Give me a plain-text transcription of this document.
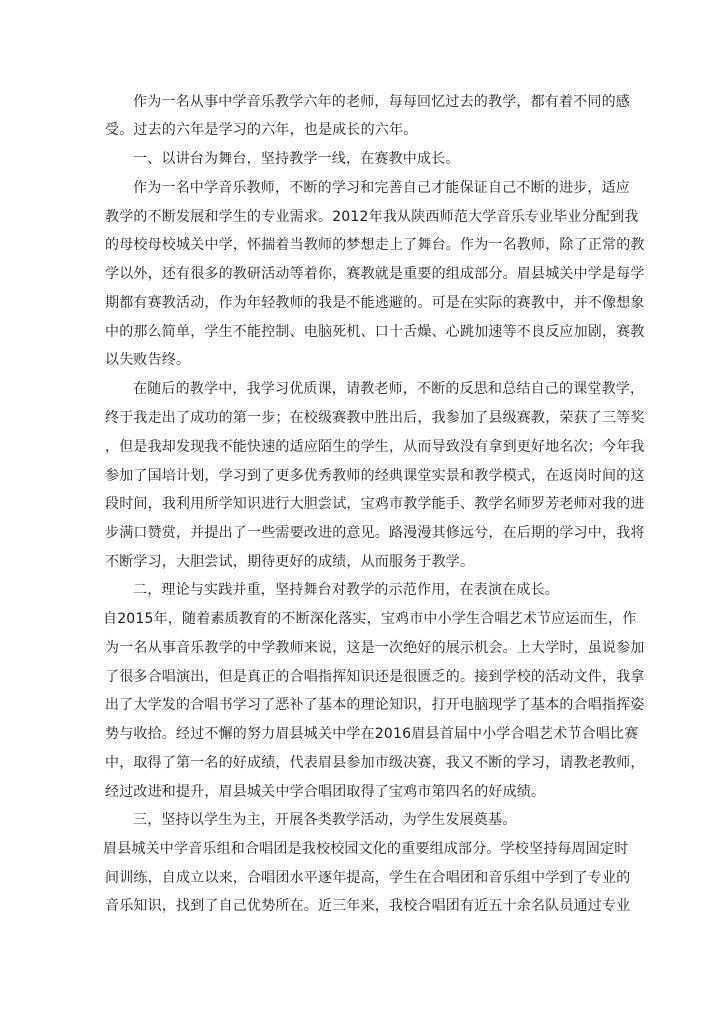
作为一名从事中学音乐教学六年的老师，每每回忆过去的教学，都有着不同的感
受。过去的六年是学习的六年，也是成长的六年。
一、以讲台为舞台，坚持教学一线，在赛教中成长。
作为一名中学音乐教师，不断的学习和完善自己才能保证自己不断的进步，适应
教学的不断发展和学生的专业需求。2012年我从陕西师范大学音乐专业毕业分配到我
的母校母校城关中学，怀揣着当教师的梦想走上了舞台。作为一名教师，除了正常的教
学以外，还有很多的教研活动等着你，赛教就是重要的组成部分。眉县城关中学是每学
期都有赛教活动，作为年轻教师的我是不能逃避的。可是在实际的赛教中，并不像想象
中的那么简单，学生不能控制、电脑死机、口十舌燥、心跳加速等不良反应加剧，赛教
以失败告终。
在随后的教学中，我学习优质课，请教老师，不断的反思和总结自己的课堂教学，
终于我走出了成功的第一步；在校级赛教中胜出后，我参加了县级赛教，荣获了三等奖
，但是我却发现我不能快速的适应陌生的学生，从而导致没有拿到更好地名次；今年我
参加了国培计划，学习到了更多优秀教师的经典课堂实景和教学模式，在返岗时间的这
段时间，我利用所学知识进行大胆尝试，宝鸡市教学能手、教学名师罗芳老师对我的进
步满口赞赏，并提出了一些需要改进的意见。路漫漫其修远兮，在后期的学习中，我将
不断学习，大胆尝试，期待更好的成绩，从而服务于教学。
二，理论与实践并重，坚持舞台对教学的示范作用，在表演在成长。
自2015年，随着素质教育的不断深化落实，宝鸡市中小学生合唱艺术节应运而生，作
为一名从事音乐教学的中学教师来说，这是一次绝好的展示机会。上大学时，虽说参加
了很多合唱演出，但是真正的合唱指挥知识还是很匮乏的。接到学校的活动文件，我拿
出了大学发的合唱书学习了恶补了基本的理论知识，打开电脑现学了基本的合唱指挥姿
势与收拾。经过不懈的努力眉县城关中学在2016眉县首届中小学合唱艺术节合唱比赛
中，取得了第一名的好成绩，代表眉县参加市级决赛，我又不断的学习，请教老教师，
经过改进和提升，眉县城关中学合唱团取得了宝鸡市第四名的好成绩。
三，坚持以学生为主，开展各类教学活动，为学生发展奠基。
眉县城关中学音乐组和合唱团是我校校园文化的重要组成部分。学校坚持每周固定时
间训练，自成立以来，合唱团水平逐年提高，学生在合唱团和音乐组中学到了专业的
音乐知识，找到了自己优势所在。近三年来，我校合唱团有近五十余名队员通过专业
